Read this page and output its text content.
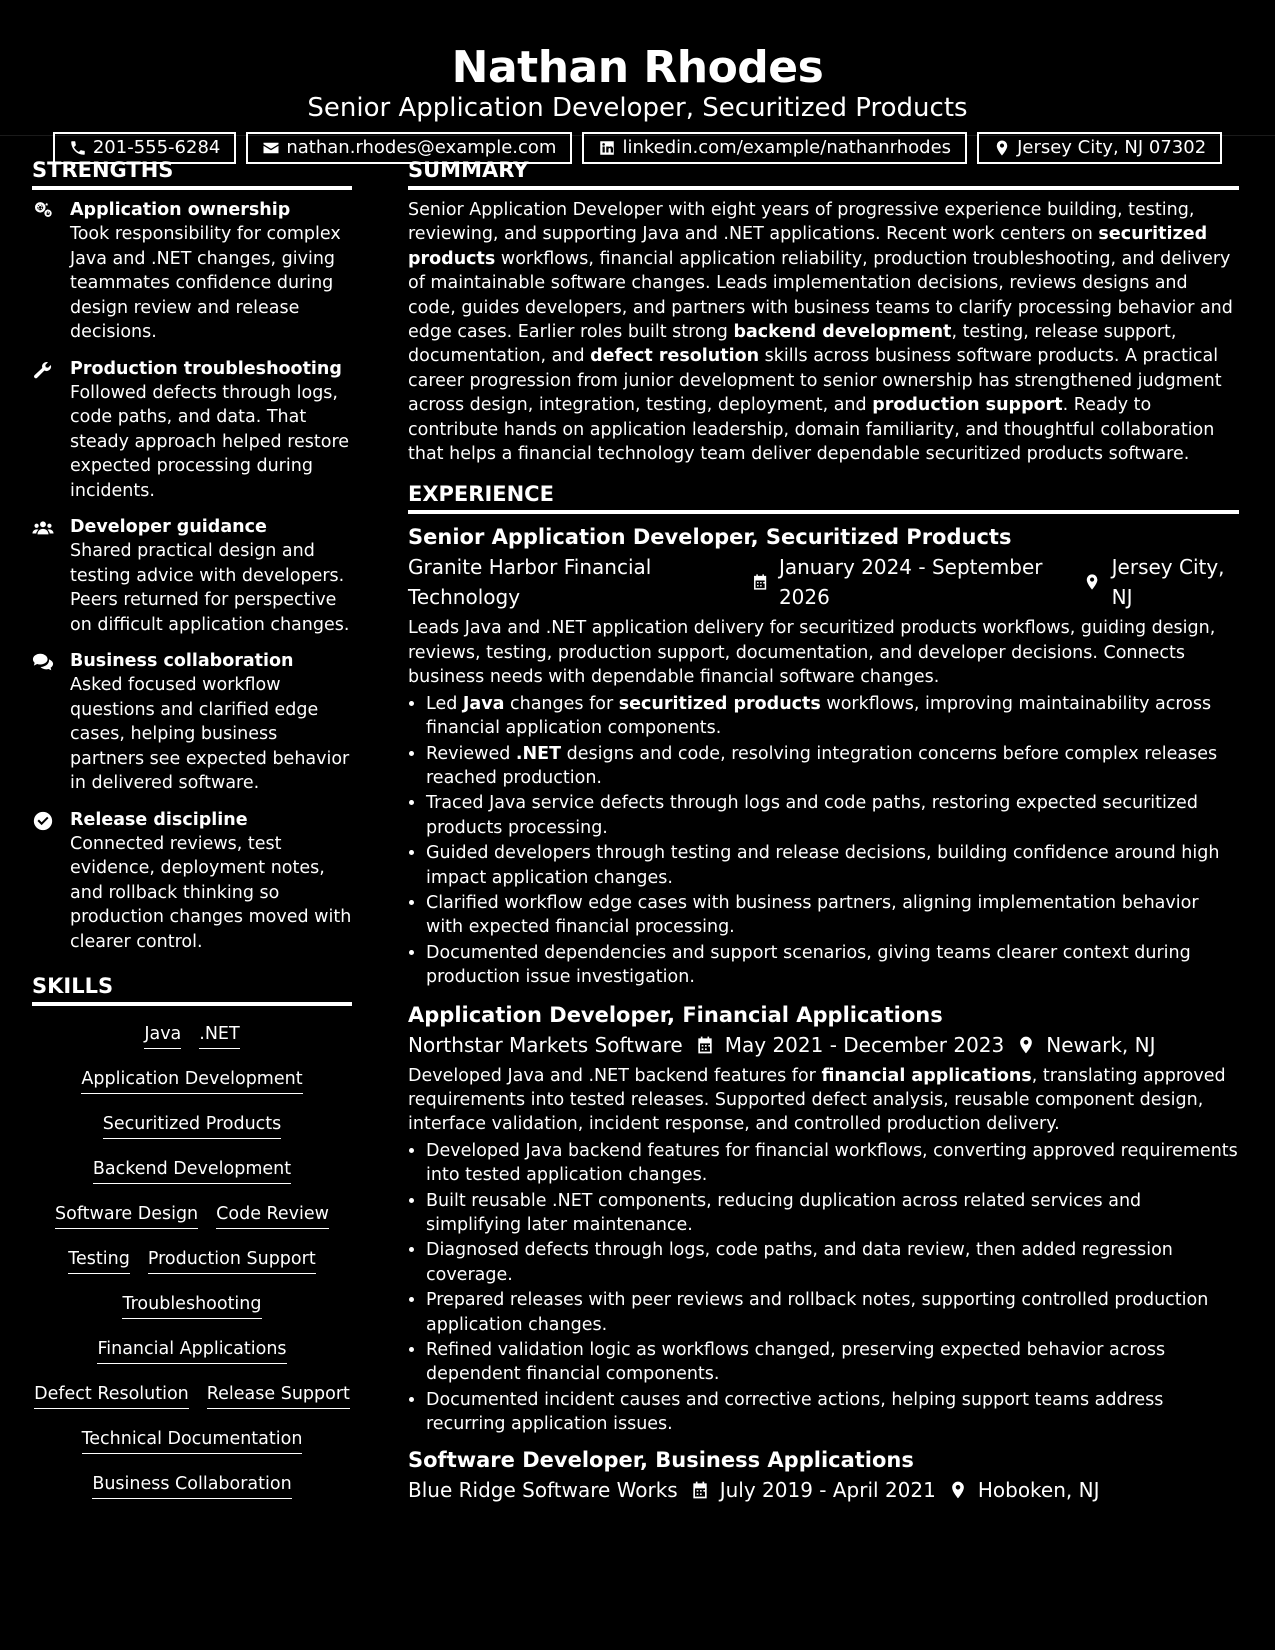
Nathan Rhodes
Senior Application Developer, Securitized Products
201-555-6284	nathan.rhodes@example.com	linkedin.com/example/nathanrhodes	Jersey City, NJ 07302
STRENGTHS
Application ownership
Took responsibility for complex Java and .NET changes, giving teammates confidence during design review and release decisions.
Production troubleshooting
Followed defects through logs, code paths, and data. That steady approach helped restore expected processing during incidents.
Developer guidance
Shared practical design and testing advice with developers. Peers returned for perspective on difficult application changes.
Business collaboration
Asked focused workflow questions and clarified edge cases, helping business partners see expected behavior in delivered software.
Release discipline
Connected reviews, test evidence, deployment notes, and rollback thinking so production changes moved with clearer control.
SKILLS
Java .NET
Application Development
Securitized Products
Backend Development
Software Design Code Review
Testing Production Support
Troubleshooting
Financial Applications
Defect Resolution Release Support
Technical Documentation
Business Collaboration
SUMMARY
Senior Application Developer with eight years of progressive experience building, testing, reviewing, and supporting Java and .NET applications. Recent work centers on securitized products workflows, financial application reliability, production troubleshooting, and delivery of maintainable software changes. Leads implementation decisions, reviews designs and code, guides developers, and partners with business teams to clarify processing behavior and edge cases. Earlier roles built strong backend development, testing, release support, documentation, and defect resolution skills across business software products. A practical career progression from junior development to senior ownership has strengthened judgment across design, integration, testing, deployment, and production support. Ready to contribute hands on application leadership, domain familiarity, and thoughtful collaboration that helps a financial technology team deliver dependable securitized products software.
EXPERIENCE
Senior Application Developer, Securitized Products
Granite Harbor Financial Technology
January 2024 - September 2026
Jersey City, NJ
Leads Java and .NET application delivery for securitized products workflows, guiding design, reviews, testing, production support, documentation, and developer decisions. Connects business needs with dependable financial software changes.
• Led Java changes for securitized products workflows, improving maintainability across financial application components.
• Reviewed .NET designs and code, resolving integration concerns before complex releases reached production.
• Traced Java service defects through logs and code paths, restoring expected securitized products processing.
• Guided developers through testing and release decisions, building confidence around high impact application changes.
• Clarified workflow edge cases with business partners, aligning implementation behavior with expected financial processing.
• Documented dependencies and support scenarios, giving teams clearer context during production issue investigation.
Application Developer, Financial Applications
Northstar Markets Software May 2021 - December 2023 Newark, NJ
Developed Java and .NET backend features for financial applications, translating approved requirements into tested releases. Supported defect analysis, reusable component design, interface validation, incident response, and controlled production delivery.
• Developed Java backend features for financial workflows, converting approved requirements into tested application changes.
• Built reusable .NET components, reducing duplication across related services and simplifying later maintenance.
• Diagnosed defects through logs, code paths, and data review, then added regression coverage.
• Prepared releases with peer reviews and rollback notes, supporting controlled production application changes.
• Refined validation logic as workflows changed, preserving expected behavior across dependent financial components.
• Documented incident causes and corrective actions, helping support teams address recurring application issues.
Software Developer, Business Applications
Blue Ridge Software Works July 2019 - April 2021 Hoboken, NJ
